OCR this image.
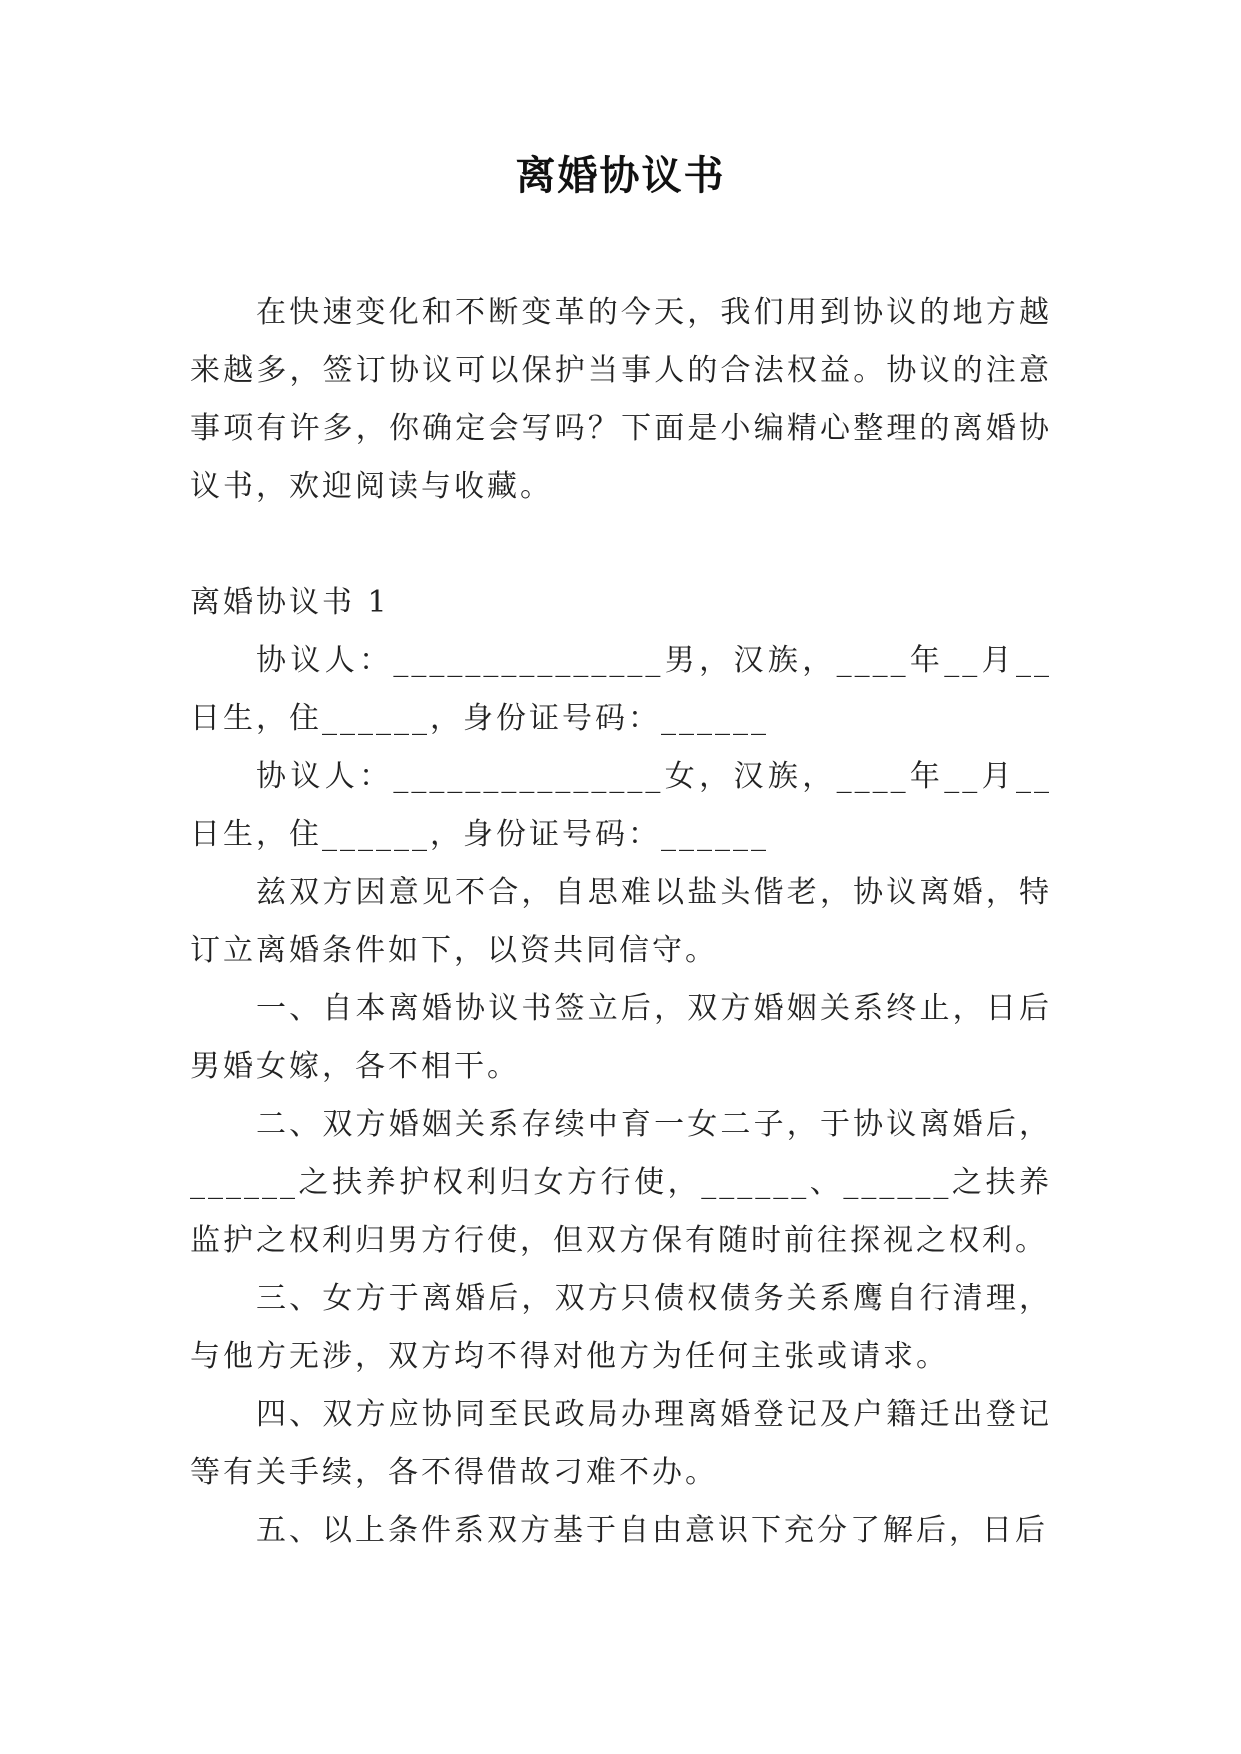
离婚协议书

在快速变化和不断变革的今天，我们用到协议的地方越来越多，签订协议可以保护当事人的合法权益。协议的注意事项有许多，你确定会写吗？下面是小编精心整理的离婚协议书，欢迎阅读与收藏。

离婚协议书 1

协议人：_______________男，汉族，____年__月__日生，住______，身份证号码：______

协议人：_______________女，汉族，____年__月__日生，住______，身份证号码：______

兹双方因意见不合，自思难以盐头偕老，协议离婚，特订立离婚条件如下，以资共同信守。

一、自本离婚协议书签立后，双方婚姻关系终止，日后男婚女嫁，各不相干。

二、双方婚姻关系存续中育一女二子，于协议离婚后，______之扶养护权利归女方行使，______、______之扶养监护之权利归男方行使，但双方保有随时前往探视之权利。

三、女方于离婚后，双方只债权债务关系鹰自行清理，与他方无涉，双方均不得对他方为任何主张或请求。

四、双方应协同至民政局办理离婚登记及户籍迁出登记等有关手续，各不得借故刁难不办。

五、以上条件系双方基于自由意识下充分了解后，日后
